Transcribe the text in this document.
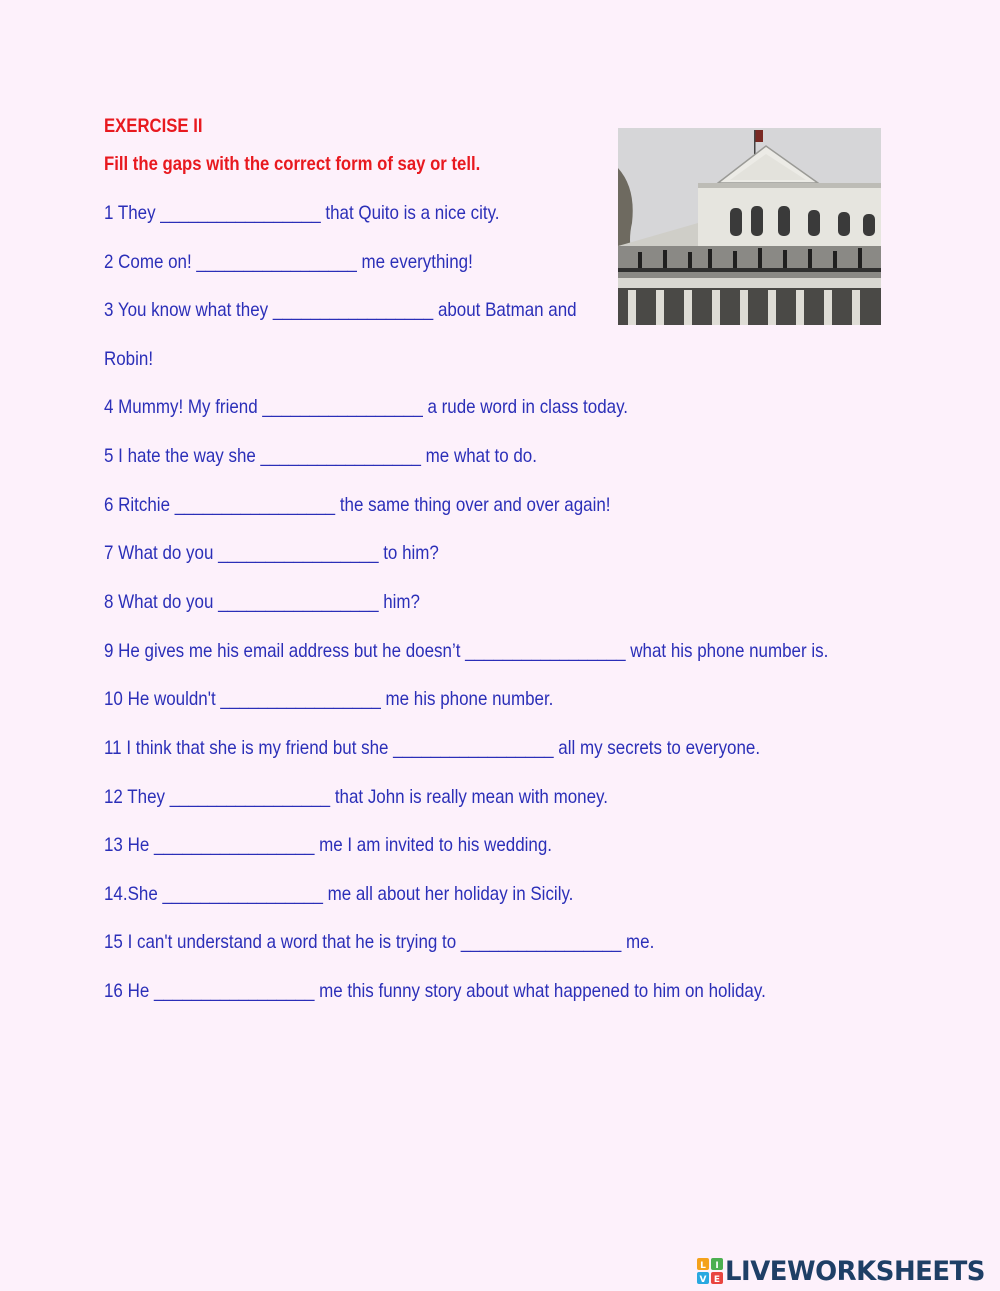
EXERCISE II
Fill the gaps with the correct form of say or tell.
1 They _________________ that Quito is a nice city.
2 Come on! _________________ me everything!
3 You know what they _________________ about Batman and
Robin!
4 Mummy! My friend _________________ a rude word in class today.
5 I hate the way she _________________ me what to do.
6 Ritchie _________________ the same thing over and over again!
7 What do you _________________ to him?
8 What do you _________________ him?
9 He gives me his email address but he doesn’t _________________ what his phone number is.
10 He wouldn't _________________ me his phone number.
11 I think that she is my friend but she _________________ all my secrets to everyone.
12 They _________________ that John is really mean with money.
13 He _________________ me I am invited to his wedding.
14.She _________________ me all about her holiday in Sicily.
15 I can't understand a word that he is trying to _________________ me.
16 He _________________ me this funny story about what happened to him on holiday.
L I
V E LIVEWORKSHEETS
